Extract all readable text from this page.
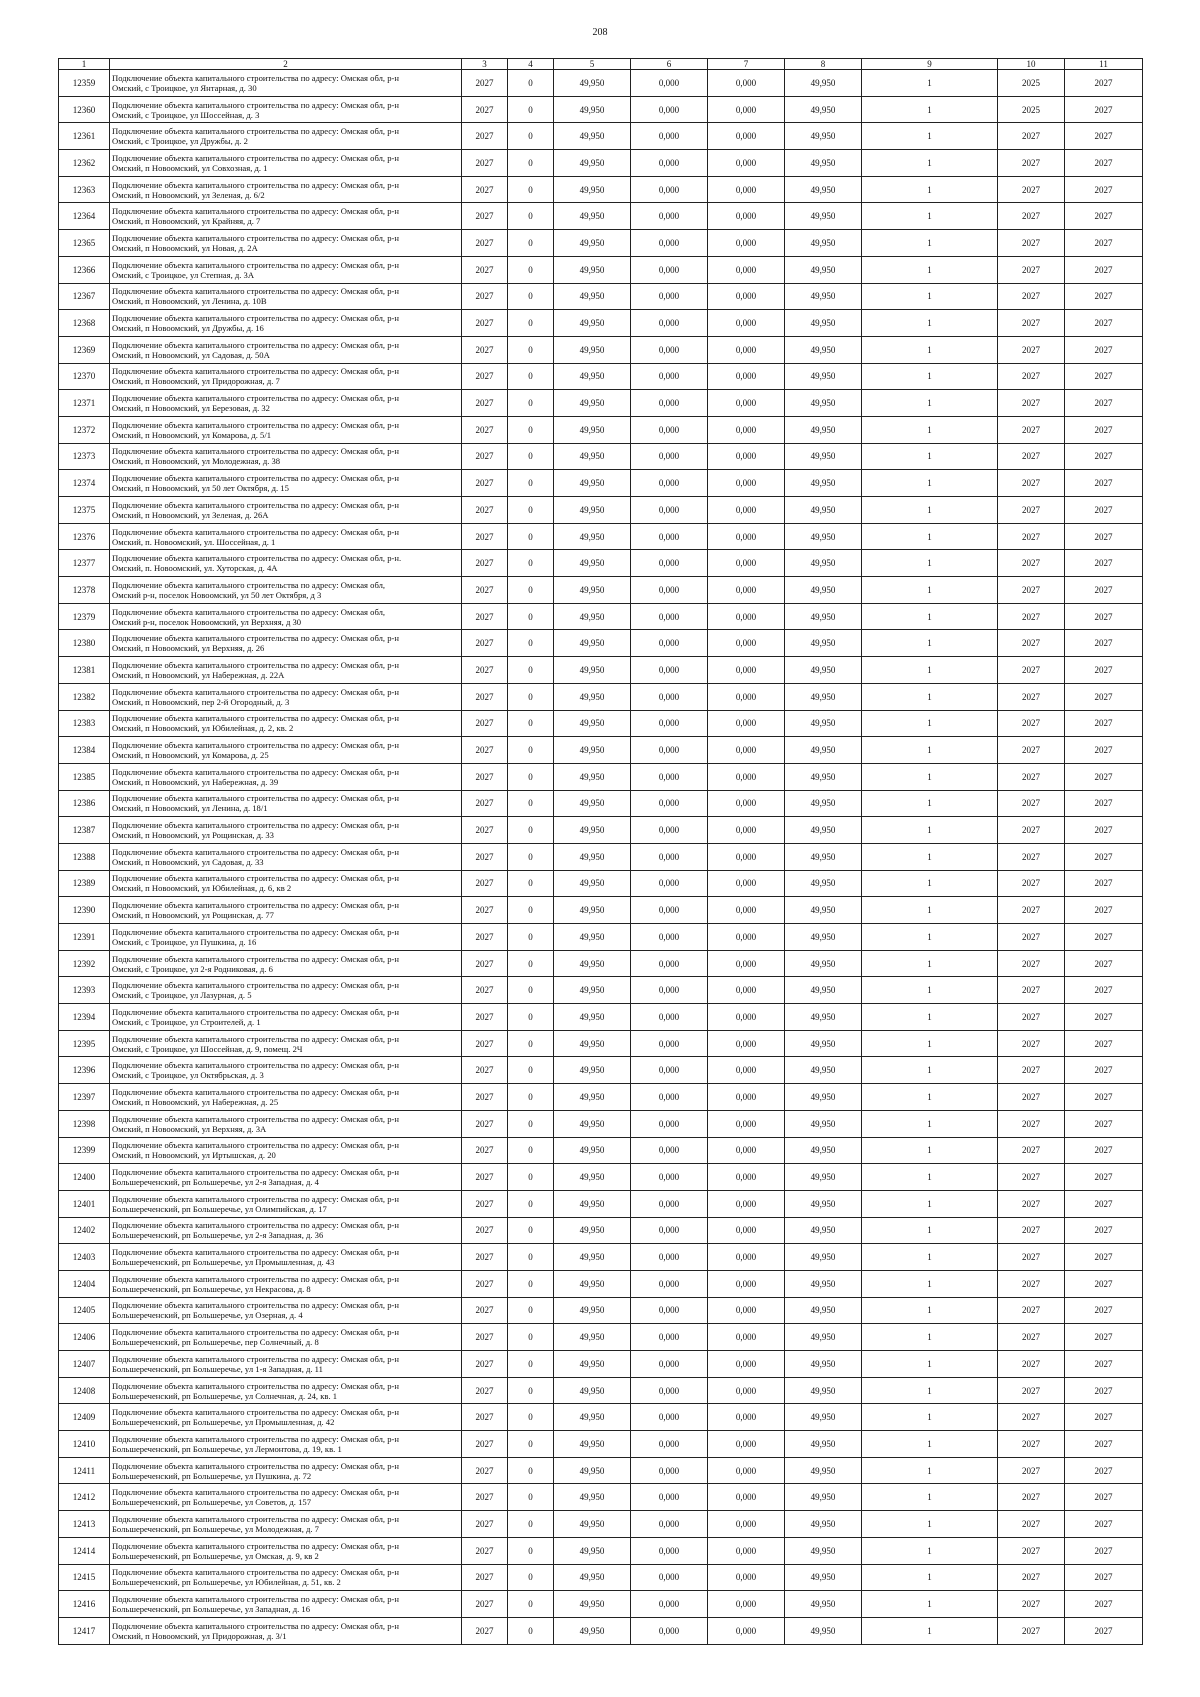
208
1	2	3	4	5	6	7	8	9	10	11
12359	Подключение объекта капитального строительства по адресу: Омская обл, р-н
Омский, с Троицкое, ул Янтарная, д. 30	2027	0	49,950	0,000	0,000	49,950	1	2025	2027
12360	Подключение объекта капитального строительства по адресу: Омская обл, р-н
Омский, с Троицкое, ул Шоссейная, д. 3	2027	0	49,950	0,000	0,000	49,950	1	2025	2027
12361	Подключение объекта капитального строительства по адресу: Омская обл, р-н
Омский, с Троицкое, ул Дружбы, д. 2	2027	0	49,950	0,000	0,000	49,950	1	2027	2027
12362	Подключение объекта капитального строительства по адресу: Омская обл, р-н
Омский, п Новоомский, ул Совхозная, д. 1	2027	0	49,950	0,000	0,000	49,950	1	2027	2027
12363	Подключение объекта капитального строительства по адресу: Омская обл, р-н
Омский, п Новоомский, ул Зеленая, д. 6/2	2027	0	49,950	0,000	0,000	49,950	1	2027	2027
12364	Подключение объекта капитального строительства по адресу: Омская обл, р-н
Омский, п Новоомский, ул Крайняя, д. 7	2027	0	49,950	0,000	0,000	49,950	1	2027	2027
12365	Подключение объекта капитального строительства по адресу: Омская обл, р-н
Омский, п Новоомский, ул Новая, д. 2А	2027	0	49,950	0,000	0,000	49,950	1	2027	2027
12366	Подключение объекта капитального строительства по адресу: Омская обл, р-н
Омский, с Троицкое, ул Степная, д. 3А	2027	0	49,950	0,000	0,000	49,950	1	2027	2027
12367	Подключение объекта капитального строительства по адресу: Омская обл, р-н
Омский, п Новоомский, ул Ленина, д. 10В	2027	0	49,950	0,000	0,000	49,950	1	2027	2027
12368	Подключение объекта капитального строительства по адресу: Омская обл, р-н
Омский, п Новоомский, ул Дружбы, д. 16	2027	0	49,950	0,000	0,000	49,950	1	2027	2027
12369	Подключение объекта капитального строительства по адресу: Омская обл, р-н
Омский, п Новоомский, ул Садовая, д. 50А	2027	0	49,950	0,000	0,000	49,950	1	2027	2027
12370	Подключение объекта капитального строительства по адресу: Омская обл, р-н
Омский, п Новоомский, ул Придорожная, д. 7	2027	0	49,950	0,000	0,000	49,950	1	2027	2027
12371	Подключение объекта капитального строительства по адресу: Омская обл, р-н
Омский, п Новоомский, ул Березовая, д. 32	2027	0	49,950	0,000	0,000	49,950	1	2027	2027
12372	Подключение объекта капитального строительства по адресу: Омская обл, р-н
Омский, п Новоомский, ул Комарова, д. 5/1	2027	0	49,950	0,000	0,000	49,950	1	2027	2027
12373	Подключение объекта капитального строительства по адресу: Омская обл, р-н
Омский, п Новоомский, ул Молодежная, д. 38	2027	0	49,950	0,000	0,000	49,950	1	2027	2027
12374	Подключение объекта капитального строительства по адресу: Омская обл, р-н
Омский, п Новоомский, ул 50 лет Октября, д. 15	2027	0	49,950	0,000	0,000	49,950	1	2027	2027
12375	Подключение объекта капитального строительства по адресу: Омская обл, р-н
Омский, п Новоомский, ул Зеленая, д. 26А	2027	0	49,950	0,000	0,000	49,950	1	2027	2027
12376	Подключение объекта капитального строительства по адресу: Омская обл, р-н
Омский, п. Новоомский, ул. Шоссейная, д. 1	2027	0	49,950	0,000	0,000	49,950	1	2027	2027
12377	Подключение объекта капитального строительства по адресу: Омская обл, р-н.
Омский, п. Новоомский, ул. Хуторская, д. 4А	2027	0	49,950	0,000	0,000	49,950	1	2027	2027
12378	Подключение объекта капитального строительства по адресу: Омская обл,
Омский р-н, поселок Новоомский, ул 50 лет Октября, д 3	2027	0	49,950	0,000	0,000	49,950	1	2027	2027
12379	Подключение объекта капитального строительства по адресу: Омская обл,
Омский р-н, поселок Новоомский, ул Верхняя, д 30	2027	0	49,950	0,000	0,000	49,950	1	2027	2027
12380	Подключение объекта капитального строительства по адресу: Омская обл, р-н
Омский, п Новоомский, ул Верхняя, д. 26	2027	0	49,950	0,000	0,000	49,950	1	2027	2027
12381	Подключение объекта капитального строительства по адресу: Омская обл, р-н
Омский, п Новоомский, ул Набережная, д. 22А	2027	0	49,950	0,000	0,000	49,950	1	2027	2027
12382	Подключение объекта капитального строительства по адресу: Омская обл, р-н
Омский, п Новоомский, пер 2-й Огородный, д. 3	2027	0	49,950	0,000	0,000	49,950	1	2027	2027
12383	Подключение объекта капитального строительства по адресу: Омская обл, р-н
Омский, п Новоомский, ул Юбилейная, д. 2, кв. 2	2027	0	49,950	0,000	0,000	49,950	1	2027	2027
12384	Подключение объекта капитального строительства по адресу: Омская обл, р-н
Омский, п Новоомский, ул Комарова, д. 25	2027	0	49,950	0,000	0,000	49,950	1	2027	2027
12385	Подключение объекта капитального строительства по адресу: Омская обл, р-н
Омский, п Новоомский, ул Набережная, д. 39	2027	0	49,950	0,000	0,000	49,950	1	2027	2027
12386	Подключение объекта капитального строительства по адресу: Омская обл, р-н
Омский, п Новоомский, ул Ленина, д. 18/1	2027	0	49,950	0,000	0,000	49,950	1	2027	2027
12387	Подключение объекта капитального строительства по адресу: Омская обл, р-н
Омский, п Новоомский, ул Рощинская, д. 33	2027	0	49,950	0,000	0,000	49,950	1	2027	2027
12388	Подключение объекта капитального строительства по адресу: Омская обл, р-н
Омский, п Новоомский, ул Садовая, д. 33	2027	0	49,950	0,000	0,000	49,950	1	2027	2027
12389	Подключение объекта капитального строительства по адресу: Омская обл, р-н
Омский, п Новоомский, ул Юбилейная, д. 6, кв 2	2027	0	49,950	0,000	0,000	49,950	1	2027	2027
12390	Подключение объекта капитального строительства по адресу: Омская обл, р-н
Омский, п Новоомский, ул Рощинская, д. 77	2027	0	49,950	0,000	0,000	49,950	1	2027	2027
12391	Подключение объекта капитального строительства по адресу: Омская обл, р-н
Омский, с Троицкое, ул Пушкина, д. 16	2027	0	49,950	0,000	0,000	49,950	1	2027	2027
12392	Подключение объекта капитального строительства по адресу: Омская обл, р-н
Омский, с Троицкое, ул 2-я Родниковая, д. 6	2027	0	49,950	0,000	0,000	49,950	1	2027	2027
12393	Подключение объекта капитального строительства по адресу: Омская обл, р-н
Омский, с Троицкое, ул Лазурная, д. 5	2027	0	49,950	0,000	0,000	49,950	1	2027	2027
12394	Подключение объекта капитального строительства по адресу: Омская обл, р-н
Омский, с Троицкое, ул Строителей, д. 1	2027	0	49,950	0,000	0,000	49,950	1	2027	2027
12395	Подключение объекта капитального строительства по адресу: Омская обл, р-н
Омский, с Троицкое, ул Шоссейная, д. 9, помещ. 2Ч	2027	0	49,950	0,000	0,000	49,950	1	2027	2027
12396	Подключение объекта капитального строительства по адресу: Омская обл, р-н
Омский, с Троицкое, ул Октябрьская, д. 3	2027	0	49,950	0,000	0,000	49,950	1	2027	2027
12397	Подключение объекта капитального строительства по адресу: Омская обл, р-н
Омский, п Новоомский, ул Набережная, д. 25	2027	0	49,950	0,000	0,000	49,950	1	2027	2027
12398	Подключение объекта капитального строительства по адресу: Омская обл, р-н
Омский, п Новоомский, ул Верхняя, д. 3А	2027	0	49,950	0,000	0,000	49,950	1	2027	2027
12399	Подключение объекта капитального строительства по адресу: Омская обл, р-н
Омский, п Новоомский, ул Иртышская, д. 20	2027	0	49,950	0,000	0,000	49,950	1	2027	2027
12400	Подключение объекта капитального строительства по адресу: Омская обл, р-н
Большереченский, рп Большеречье, ул 2-я Западная, д. 4	2027	0	49,950	0,000	0,000	49,950	1	2027	2027
12401	Подключение объекта капитального строительства по адресу: Омская обл, р-н
Большереченский, рп Большеречье, ул Олимпийская, д. 17	2027	0	49,950	0,000	0,000	49,950	1	2027	2027
12402	Подключение объекта капитального строительства по адресу: Омская обл, р-н
Большереченский, рп Большеречье, ул 2-я Западная, д. 36	2027	0	49,950	0,000	0,000	49,950	1	2027	2027
12403	Подключение объекта капитального строительства по адресу: Омская обл, р-н
Большереченский, рп Большеречье, ул Промышленная, д. 43	2027	0	49,950	0,000	0,000	49,950	1	2027	2027
12404	Подключение объекта капитального строительства по адресу: Омская обл, р-н
Большереченский, рп Большеречье, ул Некрасова, д. 8	2027	0	49,950	0,000	0,000	49,950	1	2027	2027
12405	Подключение объекта капитального строительства по адресу: Омская обл, р-н
Большереченский, рп Большеречье, ул Озерная, д. 4	2027	0	49,950	0,000	0,000	49,950	1	2027	2027
12406	Подключение объекта капитального строительства по адресу: Омская обл, р-н
Большереченский, рп Большеречье, пер Солнечный, д. 8	2027	0	49,950	0,000	0,000	49,950	1	2027	2027
12407	Подключение объекта капитального строительства по адресу: Омская обл, р-н
Большереченский, рп Большеречье, ул 1-я Западная, д. 11	2027	0	49,950	0,000	0,000	49,950	1	2027	2027
12408	Подключение объекта капитального строительства по адресу: Омская обл, р-н
Большереченский, рп Большеречье, ул Солнечная, д. 24, кв. 1	2027	0	49,950	0,000	0,000	49,950	1	2027	2027
12409	Подключение объекта капитального строительства по адресу: Омская обл, р-н
Большереченский, рп Большеречье, ул Промышленная, д. 42	2027	0	49,950	0,000	0,000	49,950	1	2027	2027
12410	Подключение объекта капитального строительства по адресу: Омская обл, р-н
Большереченский, рп Большеречье, ул Лермонтова, д. 19, кв. 1	2027	0	49,950	0,000	0,000	49,950	1	2027	2027
12411	Подключение объекта капитального строительства по адресу: Омская обл, р-н
Большереченский, рп Большеречье, ул Пушкина, д. 72	2027	0	49,950	0,000	0,000	49,950	1	2027	2027
12412	Подключение объекта капитального строительства по адресу: Омская обл, р-н
Большереченский, рп Большеречье, ул Советов, д. 157	2027	0	49,950	0,000	0,000	49,950	1	2027	2027
12413	Подключение объекта капитального строительства по адресу: Омская обл, р-н
Большереченский, рп Большеречье, ул Молодежная, д. 7	2027	0	49,950	0,000	0,000	49,950	1	2027	2027
12414	Подключение объекта капитального строительства по адресу: Омская обл, р-н
Большереченский, рп Большеречье, ул Омская, д. 9, кв 2	2027	0	49,950	0,000	0,000	49,950	1	2027	2027
12415	Подключение объекта капитального строительства по адресу: Омская обл, р-н
Большереченский, рп Большеречье, ул Юбилейная, д. 51, кв. 2	2027	0	49,950	0,000	0,000	49,950	1	2027	2027
12416	Подключение объекта капитального строительства по адресу: Омская обл, р-н
Большереченский, рп Большеречье, ул Западная, д. 16	2027	0	49,950	0,000	0,000	49,950	1	2027	2027
12417	Подключение объекта капитального строительства по адресу: Омская обл, р-н
Омский, п Новоомский, ул Придорожная, д. 3/1	2027	0	49,950	0,000	0,000	49,950	1	2027	2027
